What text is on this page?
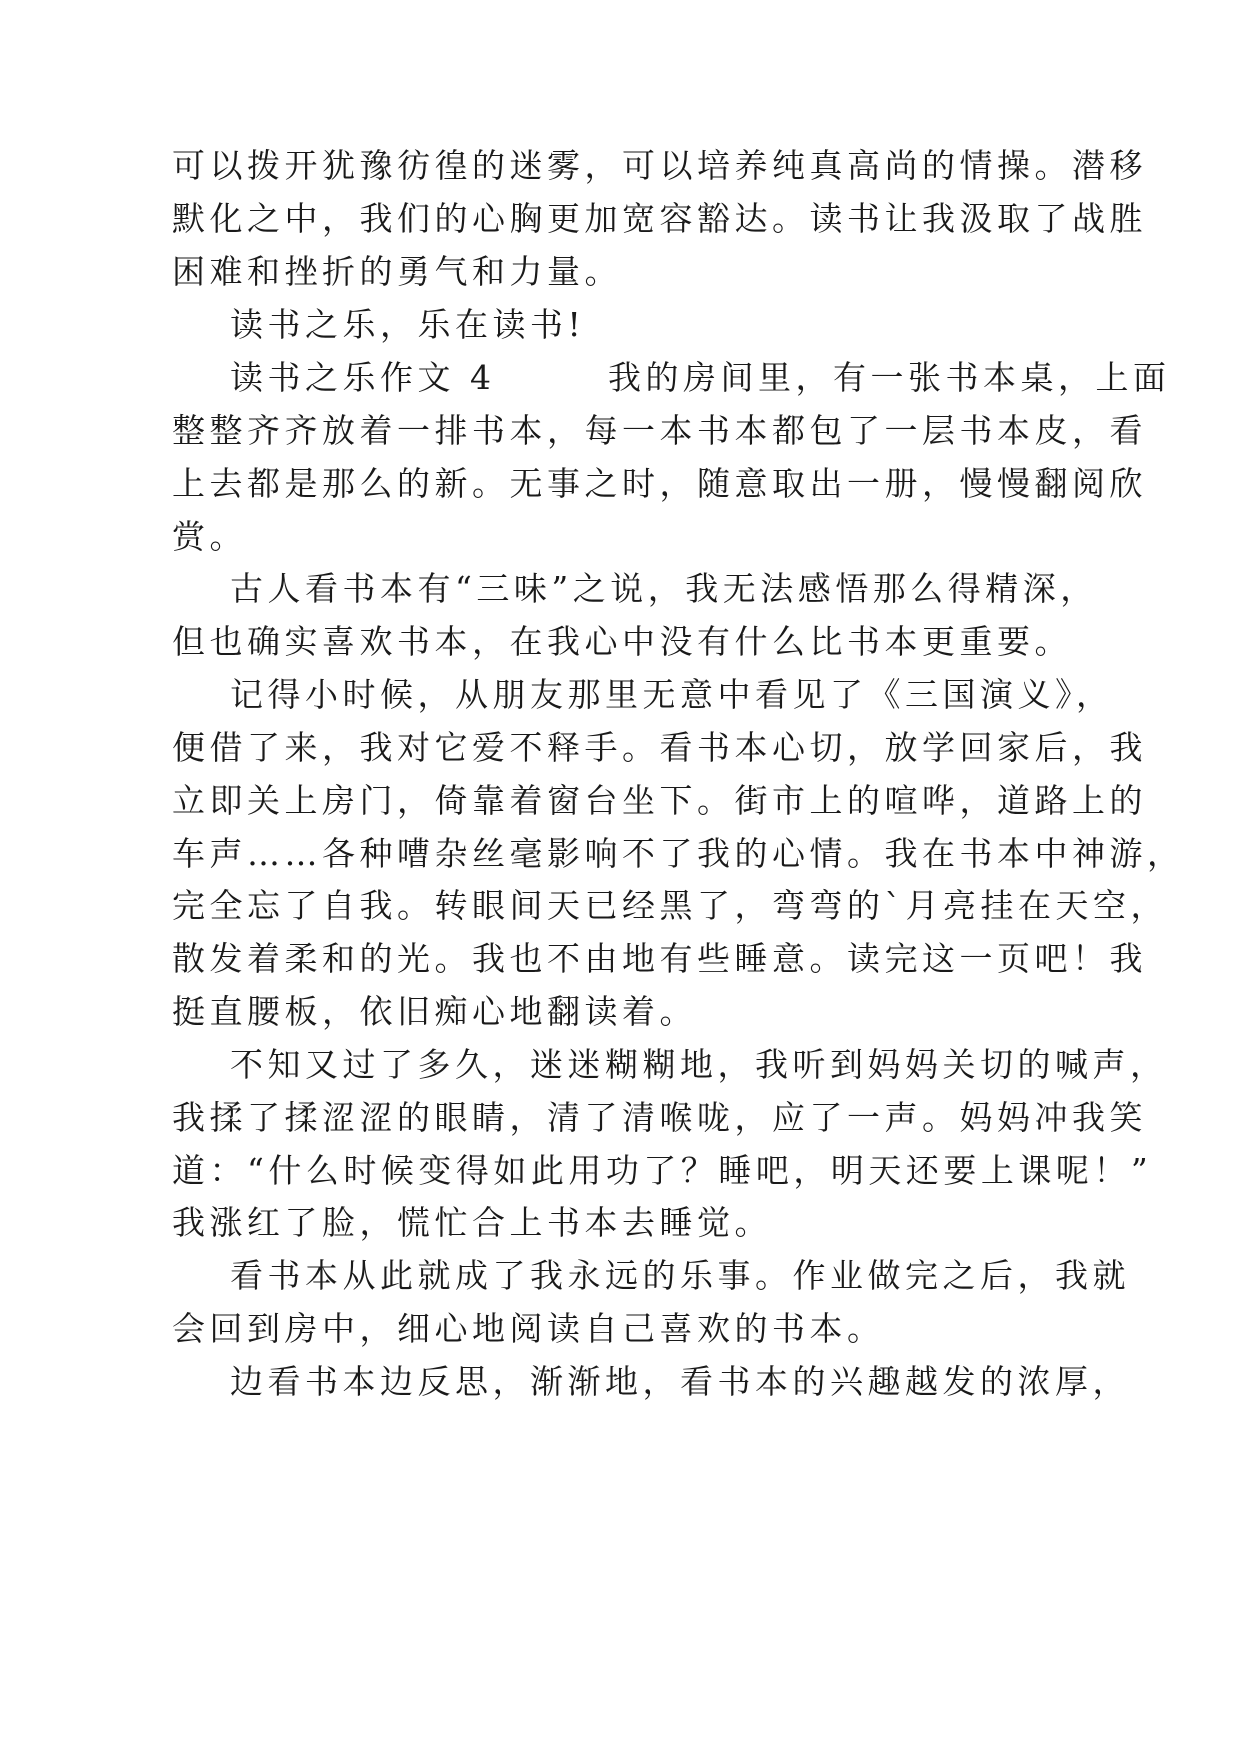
可以拨开犹豫彷徨的迷雾，可以培养纯真高尚的情操。潜移
默化之中，我们的心胸更加宽容豁达。读书让我汲取了战胜
困难和挫折的勇气和力量。
读书之乐，乐在读书!
读书之乐作文 4　　　我的房间里，有一张书本桌，上面
整整齐齐放着一排书本，每一本书本都包了一层书本皮，看
上去都是那么的新。无事之时，随意取出一册，慢慢翻阅欣
赏。
古人看书本有“三味”之说，我无法感悟那么得精深，
但也确实喜欢书本，在我心中没有什么比书本更重要。
记得小时候，从朋友那里无意中看见了《三国演义》，
便借了来，我对它爱不释手。看书本心切，放学回家后，我
立即关上房门，倚靠着窗台坐下。街市上的喧哗，道路上的
车声……各种嘈杂丝毫影响不了我的心情。我在书本中神游，
完全忘了自我。转眼间天已经黑了，弯弯的`月亮挂在天空，
散发着柔和的光。我也不由地有些睡意。读完这一页吧！我
挺直腰板，依旧痴心地翻读着。
不知又过了多久，迷迷糊糊地，我听到妈妈关切的喊声，
我揉了揉涩涩的眼睛，清了清喉咙，应了一声。妈妈冲我笑
道：“什么时候变得如此用功了？睡吧，明天还要上课呢！”
我涨红了脸，慌忙合上书本去睡觉。
看书本从此就成了我永远的乐事。作业做完之后，我就
会回到房中，细心地阅读自己喜欢的书本。
边看书本边反思，渐渐地，看书本的兴趣越发的浓厚，
